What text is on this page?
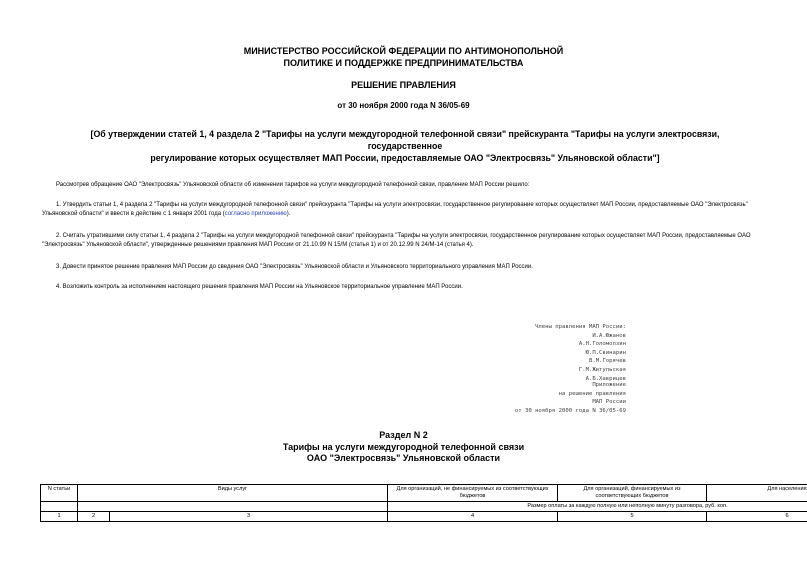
МИНИСТЕРСТВО РОССИЙСКОЙ ФЕДЕРАЦИИ ПО АНТИМОНОПОЛЬНОЙ
ПОЛИТИКЕ И ПОДДЕРЖКЕ ПРЕДПРИНИМАТЕЛЬСТВА
РЕШЕНИЕ ПРАВЛЕНИЯ
от 30 ноября 2000 года N 36/05-69
[Об утверждении статей 1, 4 раздела 2 "Тарифы на услуги междугородной телефонной связи" прейскуранта "Тарифы на услуги электросвязи, государственное
регулирование которых осуществляет МАП России, предоставляемые ОАО "Электросвязь" Ульяновской области"]
Рассмотрев обращение ОАО "Электросвязь" Ульяновской области об изменении тарифов на услуги междугородной телефонной связи, правление МАП России решило:
1. Утвердить статьи 1, 4 раздела 2 "Тарифы на услуги междугородной телефонной связи" прейскуранта "Тарифы на услуги электросвязи, государственное регулирование которых осуществляет МАП России, предоставляемые ОАО "Электросвязь" Ульяновской области" и ввести в действие с 1 января 2001 года (согласно приложению).
2. Считать утратившими силу статьи 1, 4 раздела 2 "Тарифы на услуги междугородной телефонной связи" прейскуранта "Тарифы на услуги электросвязи, государственное регулирование которых осуществляет МАП России, предоставляемые ОАО "Электросвязь" Ульяновской области", утвержденные решениями правления МАП России от 21.10.99 N 15/М (статья 1) и от 20.12.99 N 24/М-14 (статья 4).
3. Довести принятое решение правления МАП России до сведения ОАО "Электросвязь" Ульяновской области и Ульяновского территориального управления МАП России.
4. Возложить контроль за исполнением настоящего решения правления МАП России на Ульяновское территориальное управление МАП России.
Члены правления МАП России:
И.А.Южанов
А.Н.Голомолзин
Ю.П.Свинарин
В.М.Горячев
Г.М.Житульская
А.Б.Хаврицев
Приложение
на решение правления
МАП России
от 30 ноября 2000 года N 36/05-69
Раздел N 2
Тарифы на услуги междугородной телефонной связи
ОАО "Электросвязь" Ульяновской области
N статьи	Виды услуг		Для организаций, не финансируемых из соответствующих бюджетов	Для организаций, финансируемых из соответствующих бюджетов	Для населения
			Размер оплаты за каждую полную или неполную минуту разговора, руб. коп.		
1	2	3	4	5	6
